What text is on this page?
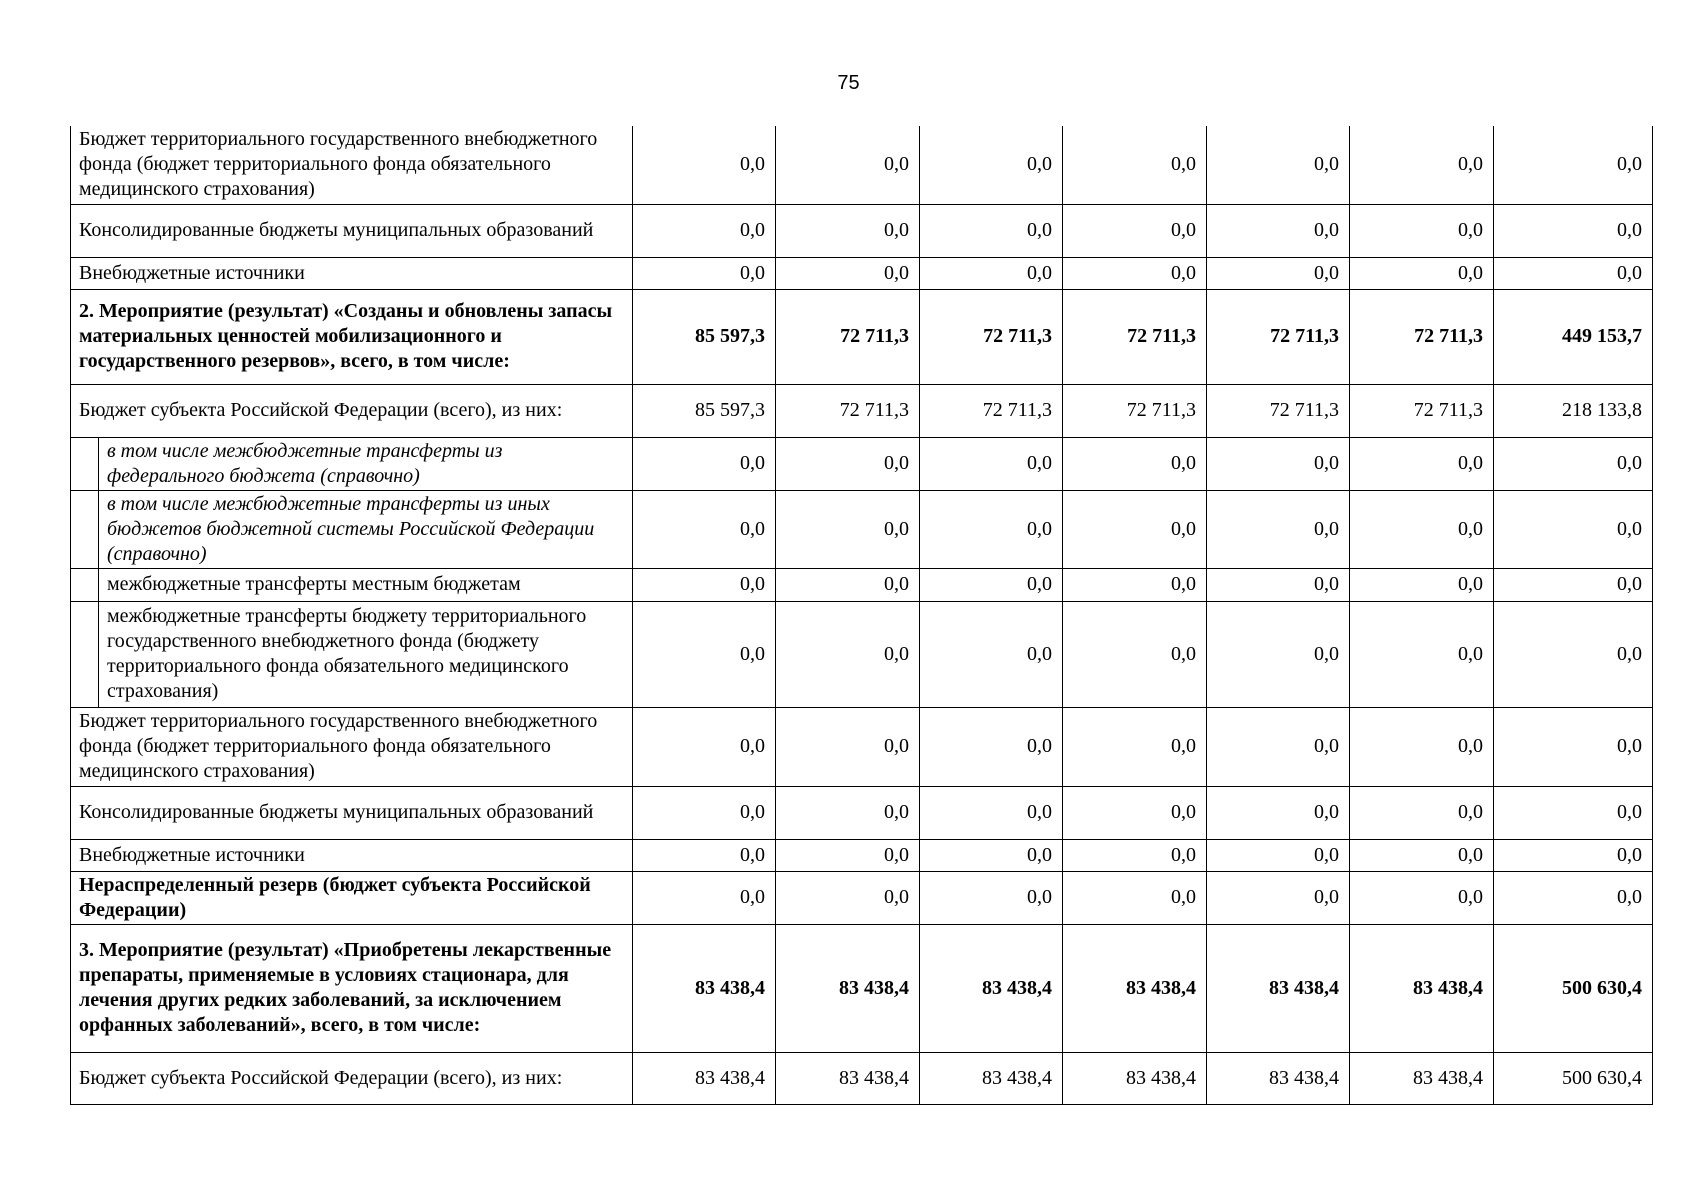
75
Бюджет территориального государственного внебюджетного фонда (бюджет территориального фонда обязательного медицинского страхования)		0,0	0,0	0,0	0,0	0,0	0,0	0,0
Консолидированные бюджеты муниципальных образований		0,0	0,0	0,0	0,0	0,0	0,0	0,0
Внебюджетные источники		0,0	0,0	0,0	0,0	0,0	0,0	0,0
2. Мероприятие (результат) «Созданы и обновлены запасы материальных ценностей мобилизационного и государственного резервов», всего, в том числе:		85 597,3	72 711,3	72 711,3	72 711,3	72 711,3	72 711,3	449 153,7
Бюджет субъекта Российской Федерации (всего), из них:		85 597,3	72 711,3	72 711,3	72 711,3	72 711,3	72 711,3	218 133,8
	в том числе межбюджетные трансферты из федерального бюджета (справочно)	0,0	0,0	0,0	0,0	0,0	0,0	0,0
	в том числе межбюджетные трансферты из иных бюджетов бюджетной системы Российской Федерации (справочно)	0,0	0,0	0,0	0,0	0,0	0,0	0,0
	межбюджетные трансферты местным бюджетам	0,0	0,0	0,0	0,0	0,0	0,0	0,0
	межбюджетные трансферты бюджету территориального государственного внебюджетного фонда (бюджету территориального фонда обязательного медицинского страхования)	0,0	0,0	0,0	0,0	0,0	0,0	0,0
Бюджет территориального государственного внебюджетного фонда (бюджет территориального фонда обязательного медицинского страхования)		0,0	0,0	0,0	0,0	0,0	0,0	0,0
Консолидированные бюджеты муниципальных образований		0,0	0,0	0,0	0,0	0,0	0,0	0,0
Внебюджетные источники		0,0	0,0	0,0	0,0	0,0	0,0	0,0
Нераспределенный резерв (бюджет субъекта Российской Федерации)		0,0	0,0	0,0	0,0	0,0	0,0	0,0
3. Мероприятие (результат) «Приобретены лекарственные препараты, применяемые в условиях стационара, для лечения других редких заболеваний, за исключением орфанных заболеваний», всего, в том числе:		83 438,4	83 438,4	83 438,4	83 438,4	83 438,4	83 438,4	500 630,4
Бюджет субъекта Российской Федерации (всего), из них:		83 438,4	83 438,4	83 438,4	83 438,4	83 438,4	83 438,4	500 630,4
